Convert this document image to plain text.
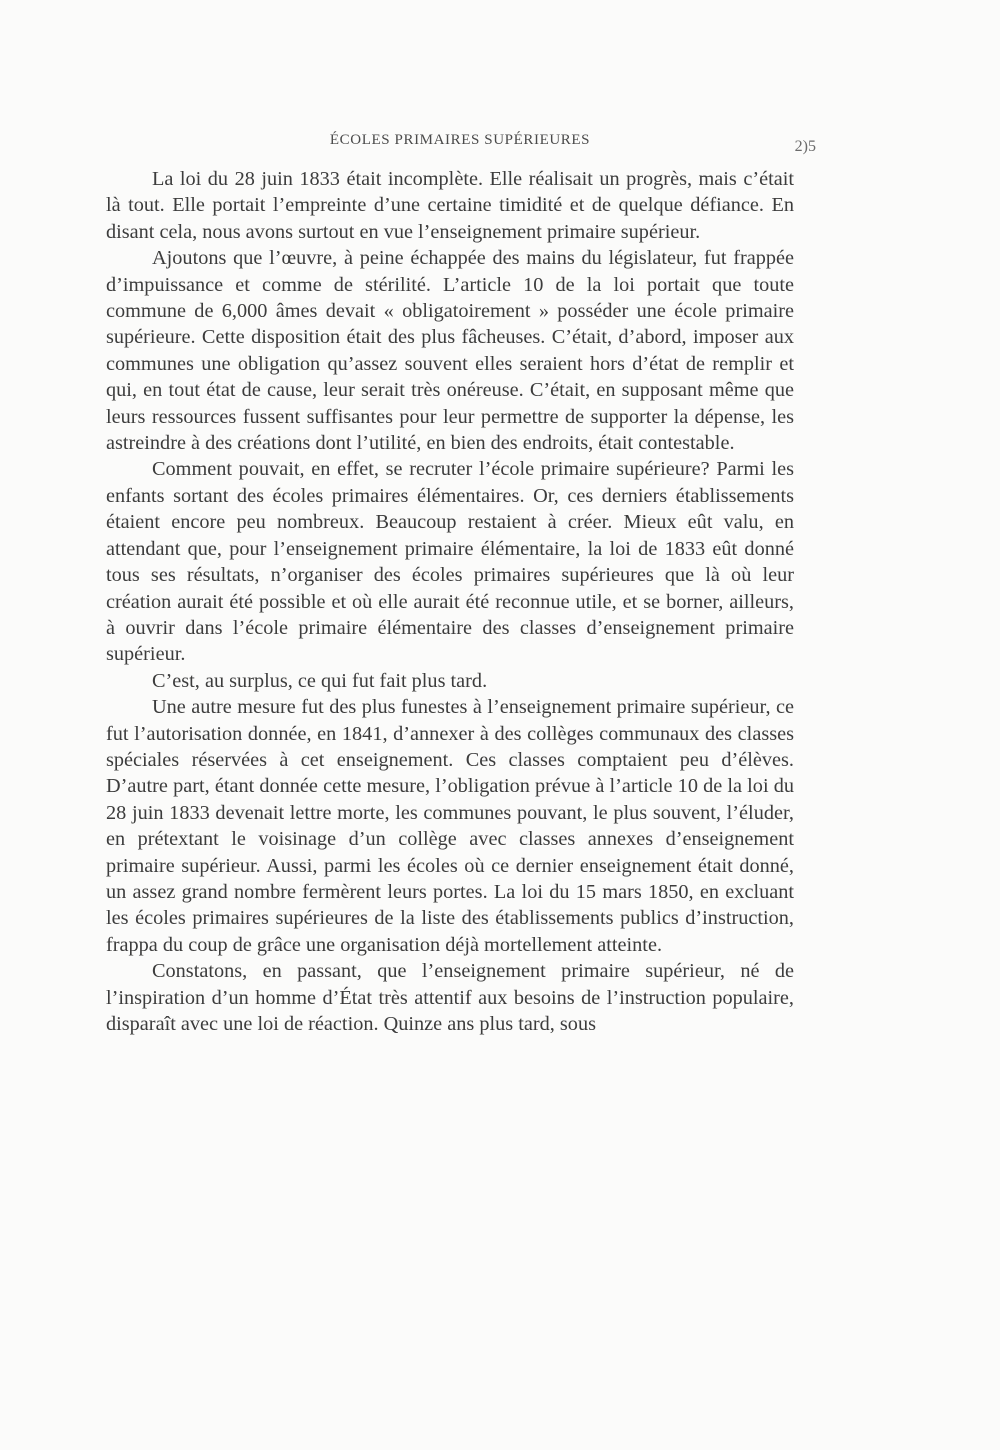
ÉCOLES PRIMAIRES SUPÉRIEURES	2)5

La loi du 28 juin 1833 était incomplète. Elle réalisait un progrès, mais c’était là tout. Elle portait l’empreinte d’une certaine timidité et de quelque défiance. En disant cela, nous avons surtout en vue l’enseignement primaire supérieur.

Ajoutons que l’œuvre, à peine échappée des mains du législateur, fut frappée d’impuissance et comme de stérilité. L’article 10 de la loi portait que toute commune de 6,000 âmes devait « obligatoirement » posséder une école primaire supérieure. Cette disposition était des plus fâcheuses. C’était, d’abord, imposer aux communes une obligation qu’assez souvent elles seraient hors d’état de remplir et qui, en tout état de cause, leur serait très onéreuse. C’était, en supposant même que leurs ressources fussent suffisantes pour leur permettre de supporter la dépense, les astreindre à des créations dont l’utilité, en bien des endroits, était contestable.

Comment pouvait, en effet, se recruter l’école primaire supérieure? Parmi les enfants sortant des écoles primaires élémentaires. Or, ces derniers établissements étaient encore peu nombreux. Beaucoup restaient à créer. Mieux eût valu, en attendant que, pour l’enseignement primaire élémentaire, la loi de 1833 eût donné tous ses résultats, n’organiser des écoles primaires supérieures que là où leur création aurait été possible et où elle aurait été reconnue utile, et se borner, ailleurs, à ouvrir dans l’école primaire élémentaire des classes d’enseignement primaire supérieur.

C’est, au surplus, ce qui fut fait plus tard.

Une autre mesure fut des plus funestes à l’enseignement primaire supérieur, ce fut l’autorisation donnée, en 1841, d’annexer à des collèges communaux des classes spéciales réservées à cet enseignement. Ces classes comptaient peu d’élèves. D’autre part, étant donnée cette mesure, l’obligation prévue à l’article 10 de la loi du 28 juin 1833 devenait lettre morte, les communes pouvant, le plus souvent, l’éluder, en prétextant le voisinage d’un collège avec classes annexes d’enseignement primaire supérieur. Aussi, parmi les écoles où ce dernier enseignement était donné, un assez grand nombre fermèrent leurs portes. La loi du 15 mars 1850, en excluant les écoles primaires supérieures de la liste des établissements publics d’instruction, frappa du coup de grâce une organisation déjà mortellement atteinte.

Constatons, en passant, que l’enseignement primaire supérieur, né de l’inspiration d’un homme d’État très attentif aux besoins de l’instruction populaire, disparaît avec une loi de réaction. Quinze ans plus tard, sous
